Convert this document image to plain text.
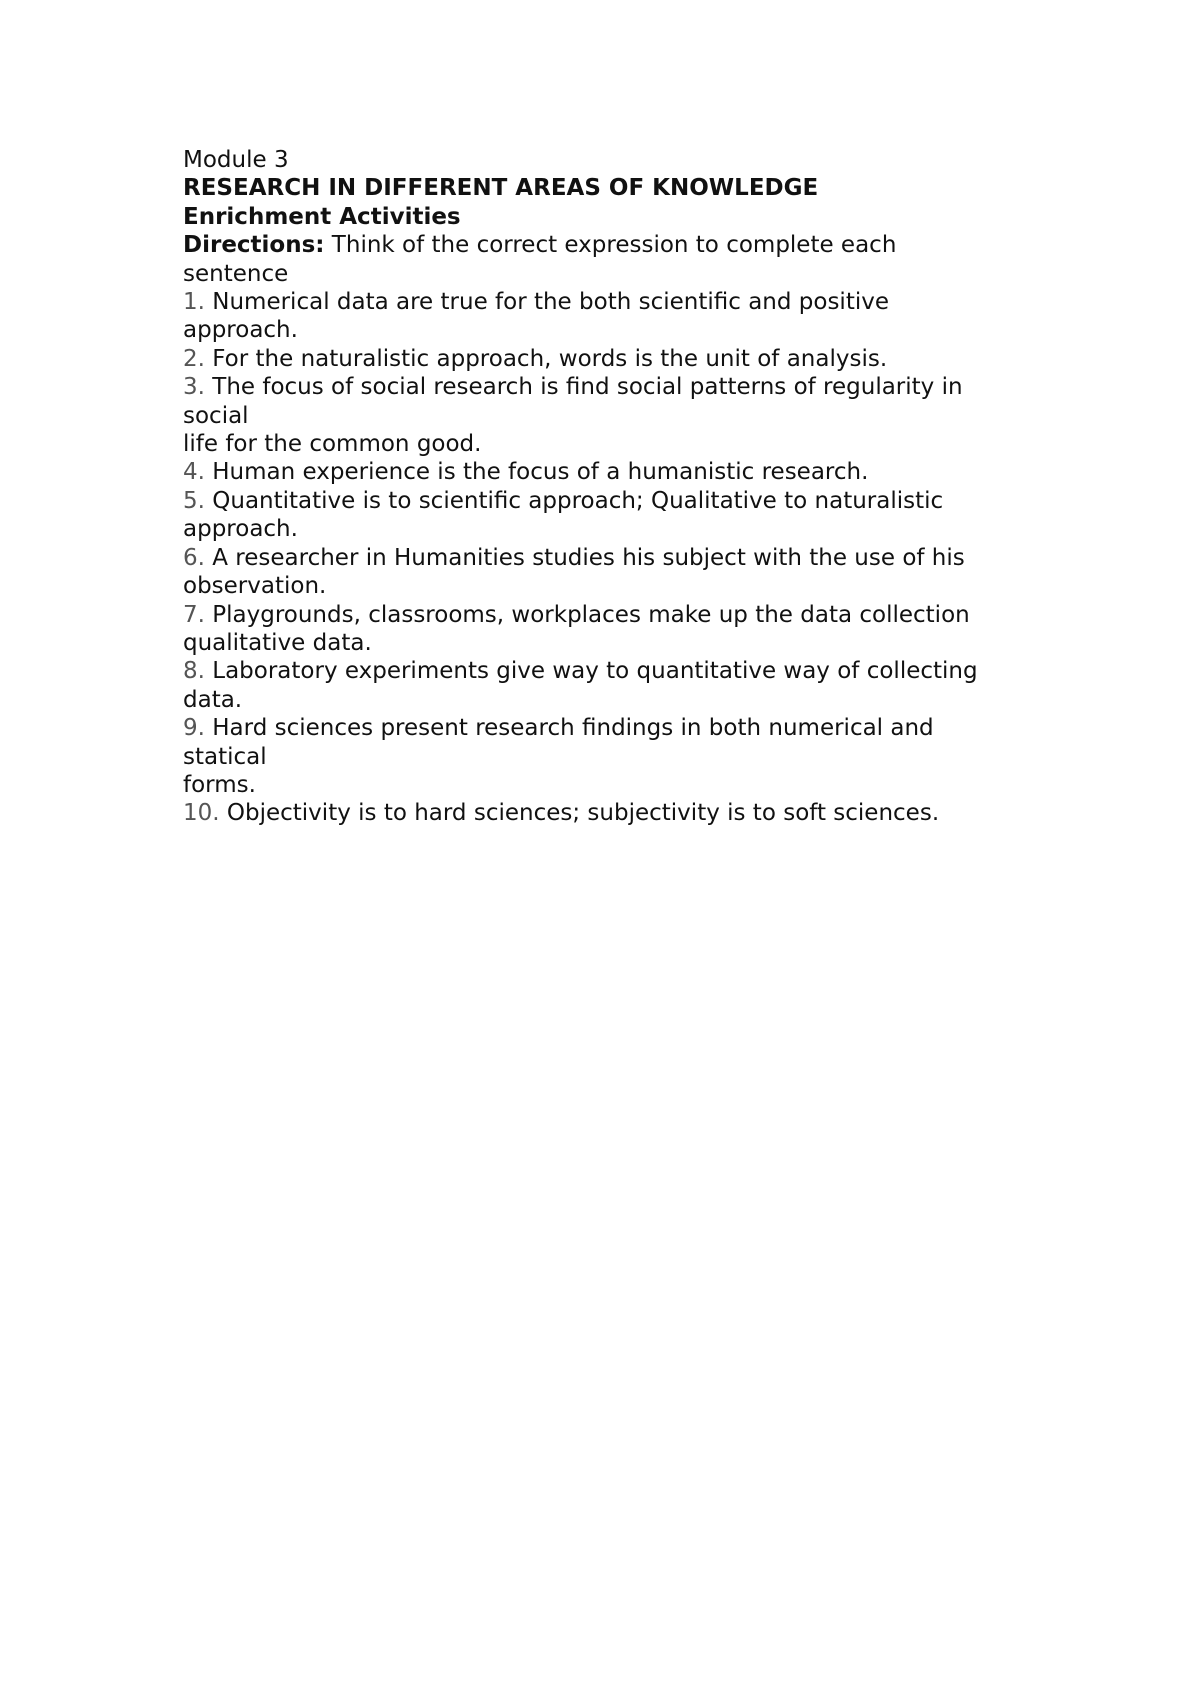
Module 3
RESEARCH IN DIFFERENT AREAS OF KNOWLEDGE
Enrichment Activities
Directions: Think of the correct expression to complete each
sentence
1. Numerical data are true for the both scientific and positive
approach.
2. For the naturalistic approach, words is the unit of analysis.
3. The focus of social research is find social patterns of regularity in
social
life for the common good.
4. Human experience is the focus of a humanistic research.
5. Quantitative is to scientific approach; Qualitative to naturalistic
approach.
6. A researcher in Humanities studies his subject with the use of his
observation.
7. Playgrounds, classrooms, workplaces make up the data collection
qualitative data.
8. Laboratory experiments give way to quantitative way of collecting
data.
9. Hard sciences present research findings in both numerical and
statical
forms.
10. Objectivity is to hard sciences; subjectivity is to soft sciences.
